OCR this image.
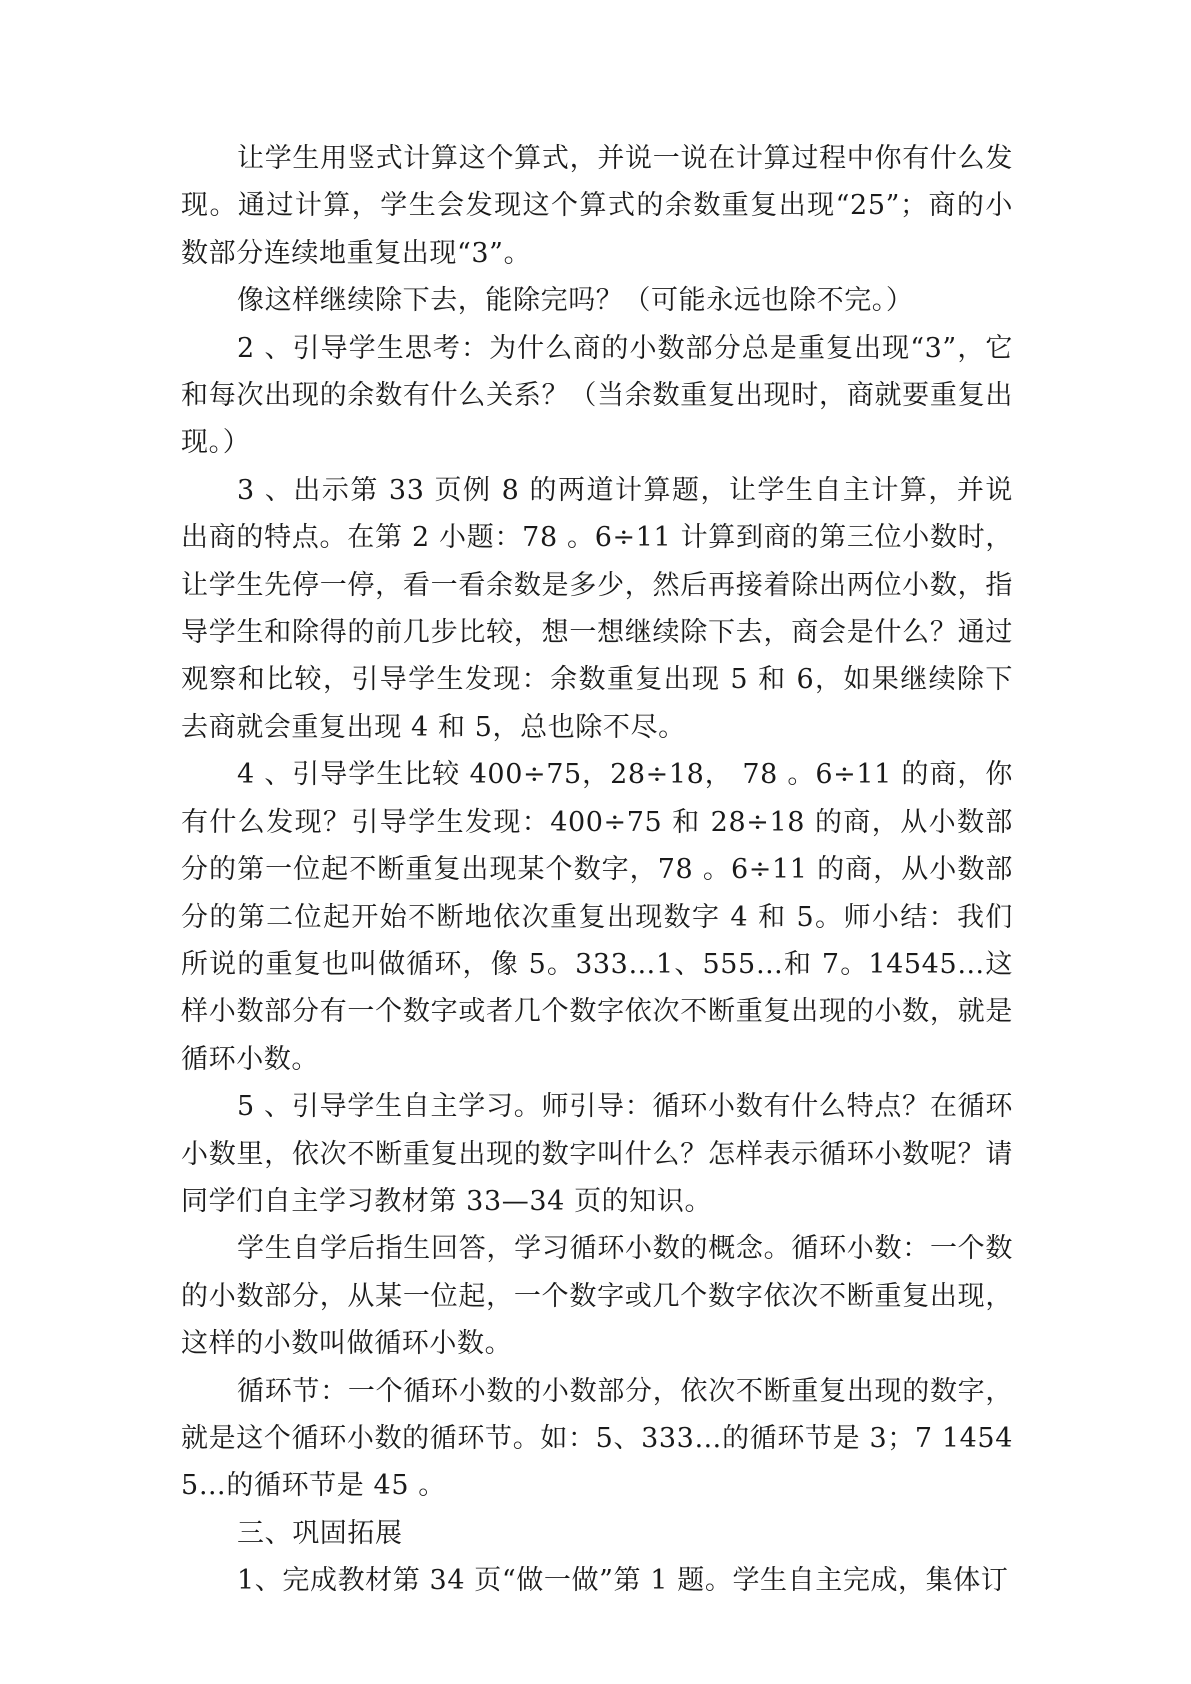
让学生用竖式计算这个算式，并说一说在计算过程中你有什么发现。通过计算，学生会发现这个算式的余数重复出现“25”；商的小数部分连续地重复出现“3”。

像这样继续除下去，能除完吗？（可能永远也除不完。）

2 、引导学生思考：为什么商的小数部分总是重复出现“3”，它和每次出现的余数有什么关系？（当余数重复出现时，商就要重复出现。）

3 、出示第 33 页例 8 的两道计算题，让学生自主计算，并说出商的特点。在第 2 小题：78 。6÷11 计算到商的第三位小数时，让学生先停一停，看一看余数是多少，然后再接着除出两位小数，指导学生和除得的前几步比较，想一想继续除下去，商会是什么？通过观察和比较，引导学生发现：余数重复出现 5 和 6，如果继续除下去商就会重复出现 4 和 5，总也除不尽。

4 、引导学生比较 400÷75，28÷18， 78 。6÷11 的商，你有什么发现？引导学生发现：400÷75 和 28÷18 的商，从小数部分的第一位起不断重复出现某个数字，78 。6÷11 的商，从小数部分的第二位起开始不断地依次重复出现数字 4 和 5。师小结：我们所说的重复也叫做循环，像 5。333…1、555…和 7。14545…这样小数部分有一个数字或者几个数字依次不断重复出现的小数，就是循环小数。

5 、引导学生自主学习。师引导：循环小数有什么特点？在循环小数里，依次不断重复出现的数字叫什么？怎样表示循环小数呢？请同学们自主学习教材第 33—34 页的知识。

学生自学后指生回答，学习循环小数的概念。循环小数：一个数的小数部分，从某一位起，一个数字或几个数字依次不断重复出现，这样的小数叫做循环小数。

循环节：一个循环小数的小数部分，依次不断重复出现的数字，就是这个循环小数的循环节。如：5、333…的循环节是 3；7 14545…的循环节是 45 。

三、巩固拓展

1、完成教材第 34 页“做一做”第 1 题。学生自主完成，集体订
